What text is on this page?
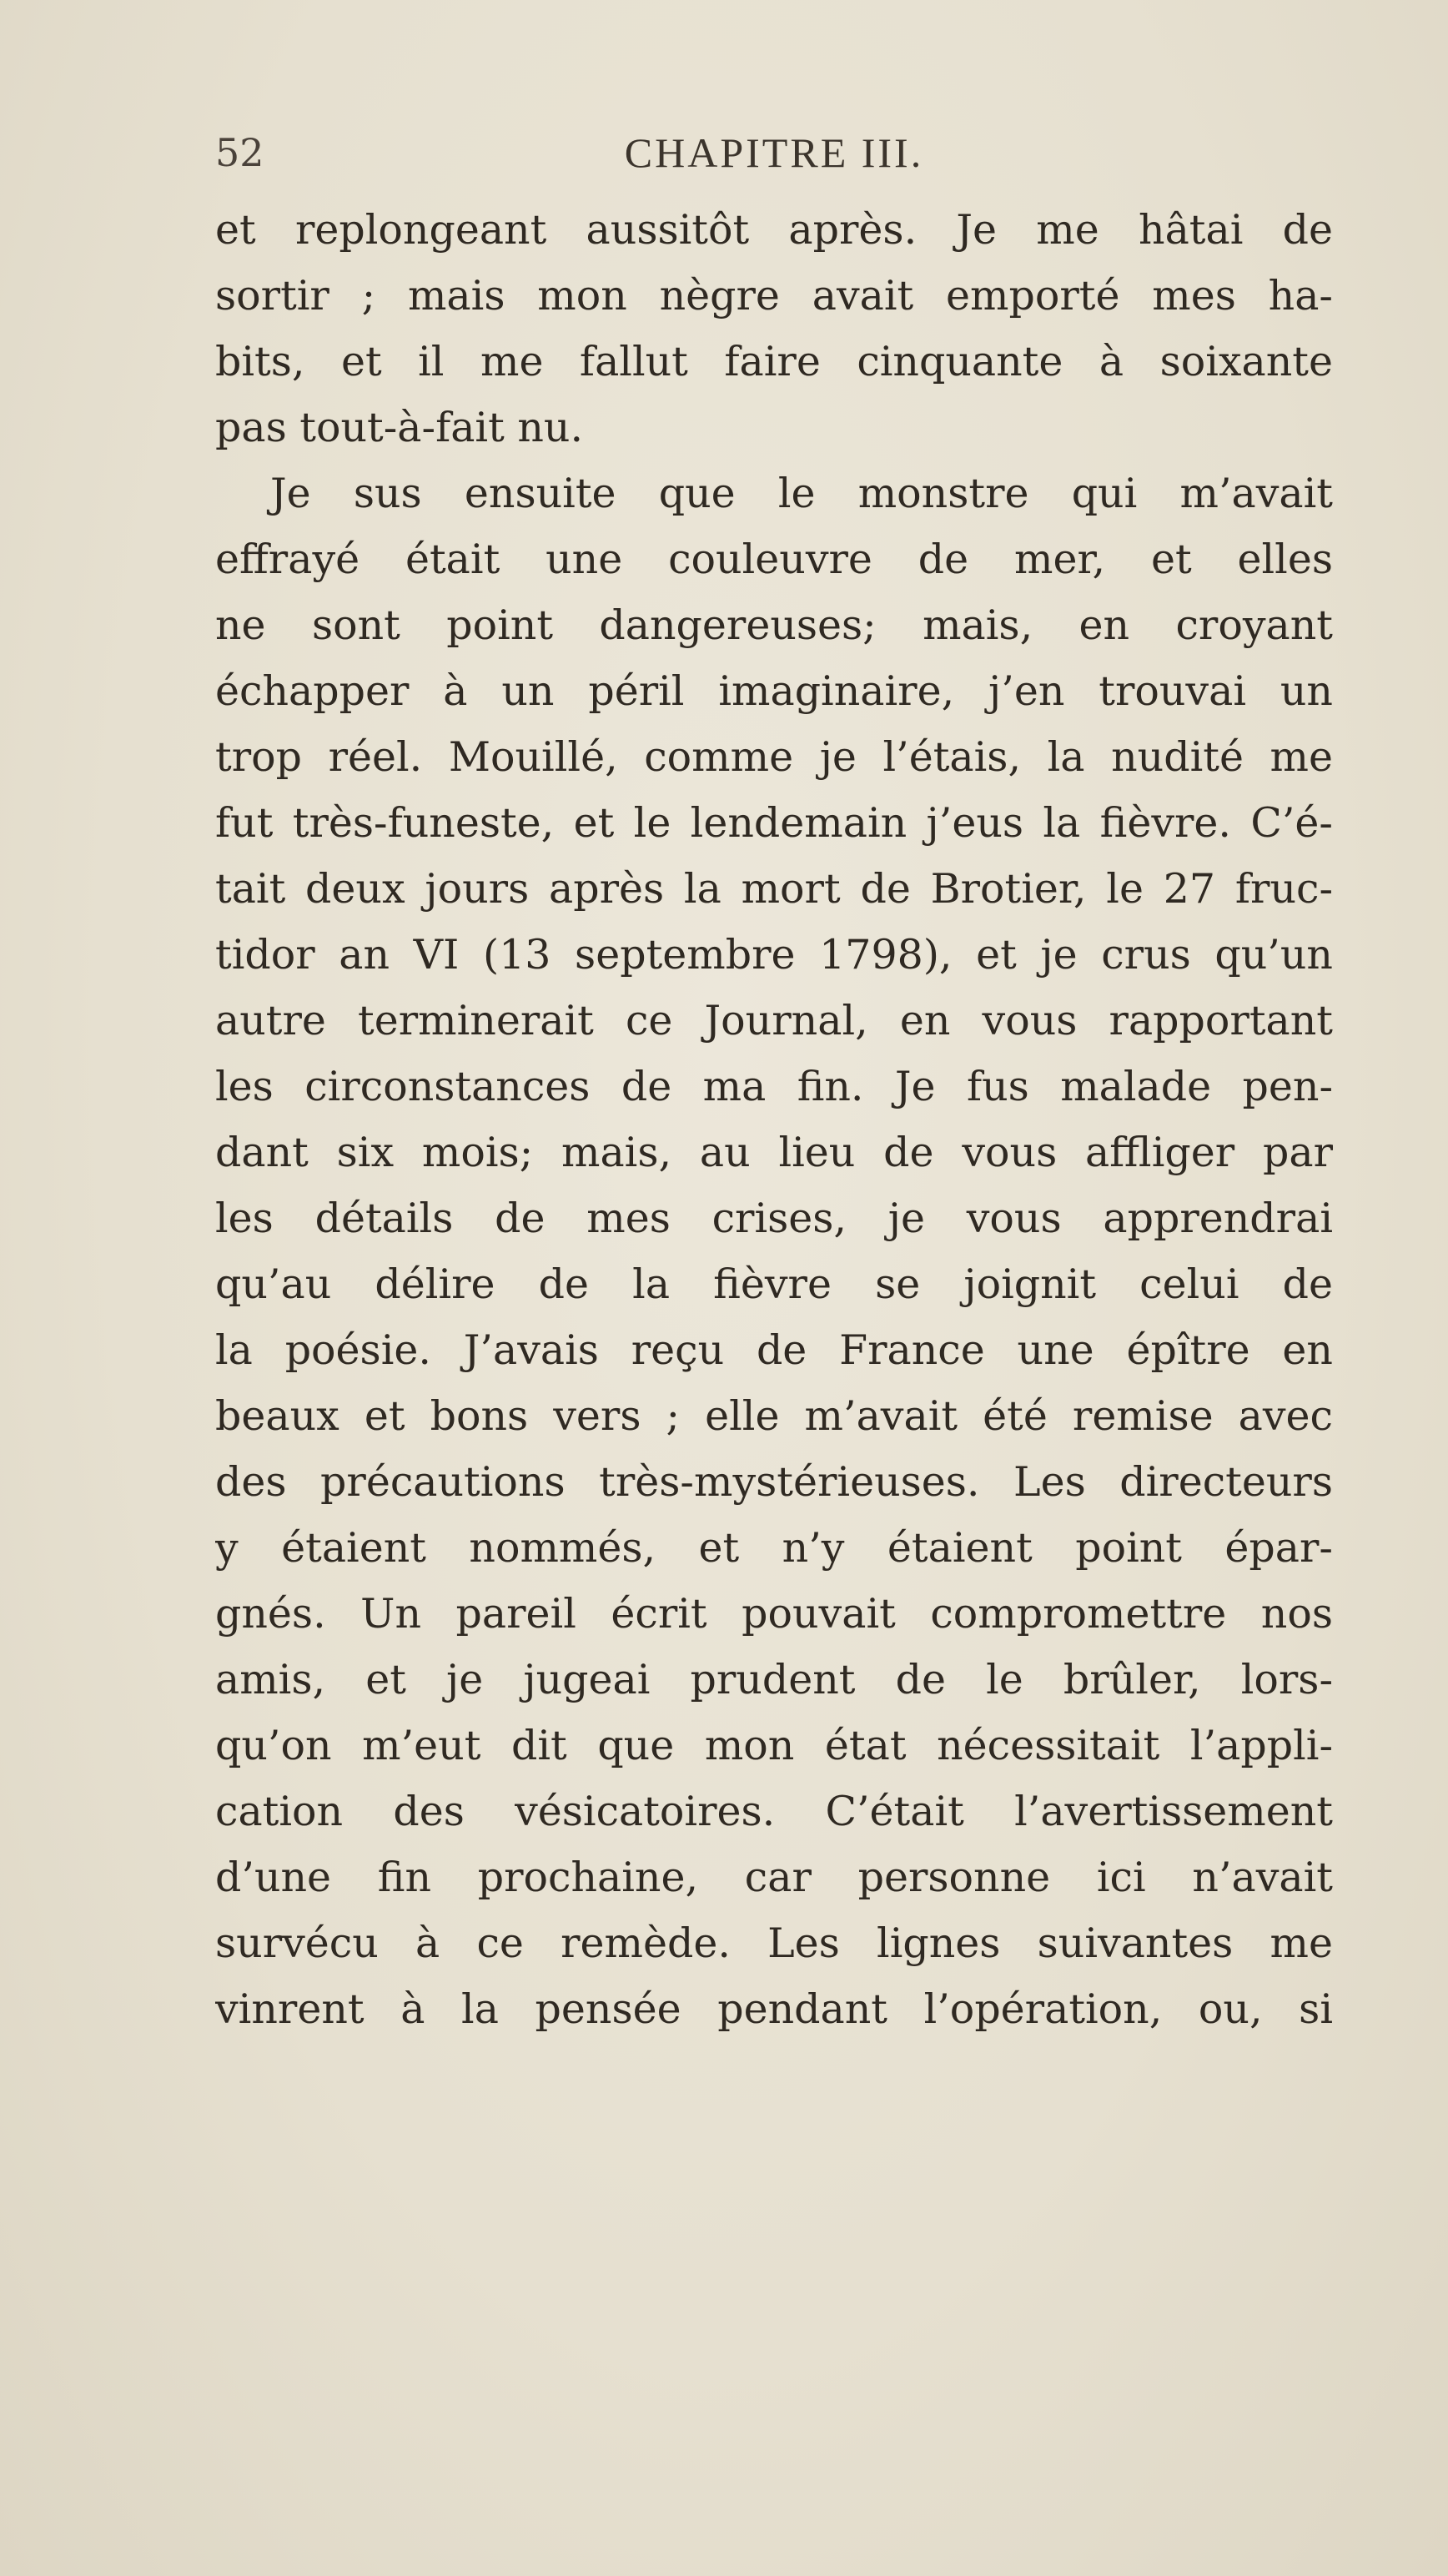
52	CHAPITRE III.
et replongeant aussitôt après. Je me hâtai de
sortir ; mais mon nègre avait emporté mes ha-
bits, et il me fallut faire cinquante à soixante
pas tout-à-fait nu.
Je sus ensuite que le monstre qui m’avait
effrayé était une couleuvre de mer, et elles
ne sont point dangereuses; mais, en croyant
échapper à un péril imaginaire, j’en trouvai un
trop réel. Mouillé, comme je l’étais, la nudité me
fut très-funeste, et le lendemain j’eus la fièvre. C’é-
tait deux jours après la mort de Brotier, le 27 fruc-
tidor an VI (13 septembre 1798), et je crus qu’un
autre terminerait ce Journal, en vous rapportant
les circonstances de ma fin. Je fus malade pen-
dant six mois; mais, au lieu de vous affliger par
les détails de mes crises, je vous apprendrai
qu’au délire de la fièvre se joignit celui de
la poésie. J’avais reçu de France une épître en
beaux et bons vers ; elle m’avait été remise avec
des précautions très-mystérieuses. Les directeurs
y étaient nommés, et n’y étaient point épar-
gnés. Un pareil écrit pouvait compromettre nos
amis, et je jugeai prudent de le brûler, lors-
qu’on m’eut dit que mon état nécessitait l’appli-
cation des vésicatoires. C’était l’avertissement
d’une fin prochaine, car personne ici n’avait
survécu à ce remède. Les lignes suivantes me
vinrent à la pensée pendant l’opération, ou, si
